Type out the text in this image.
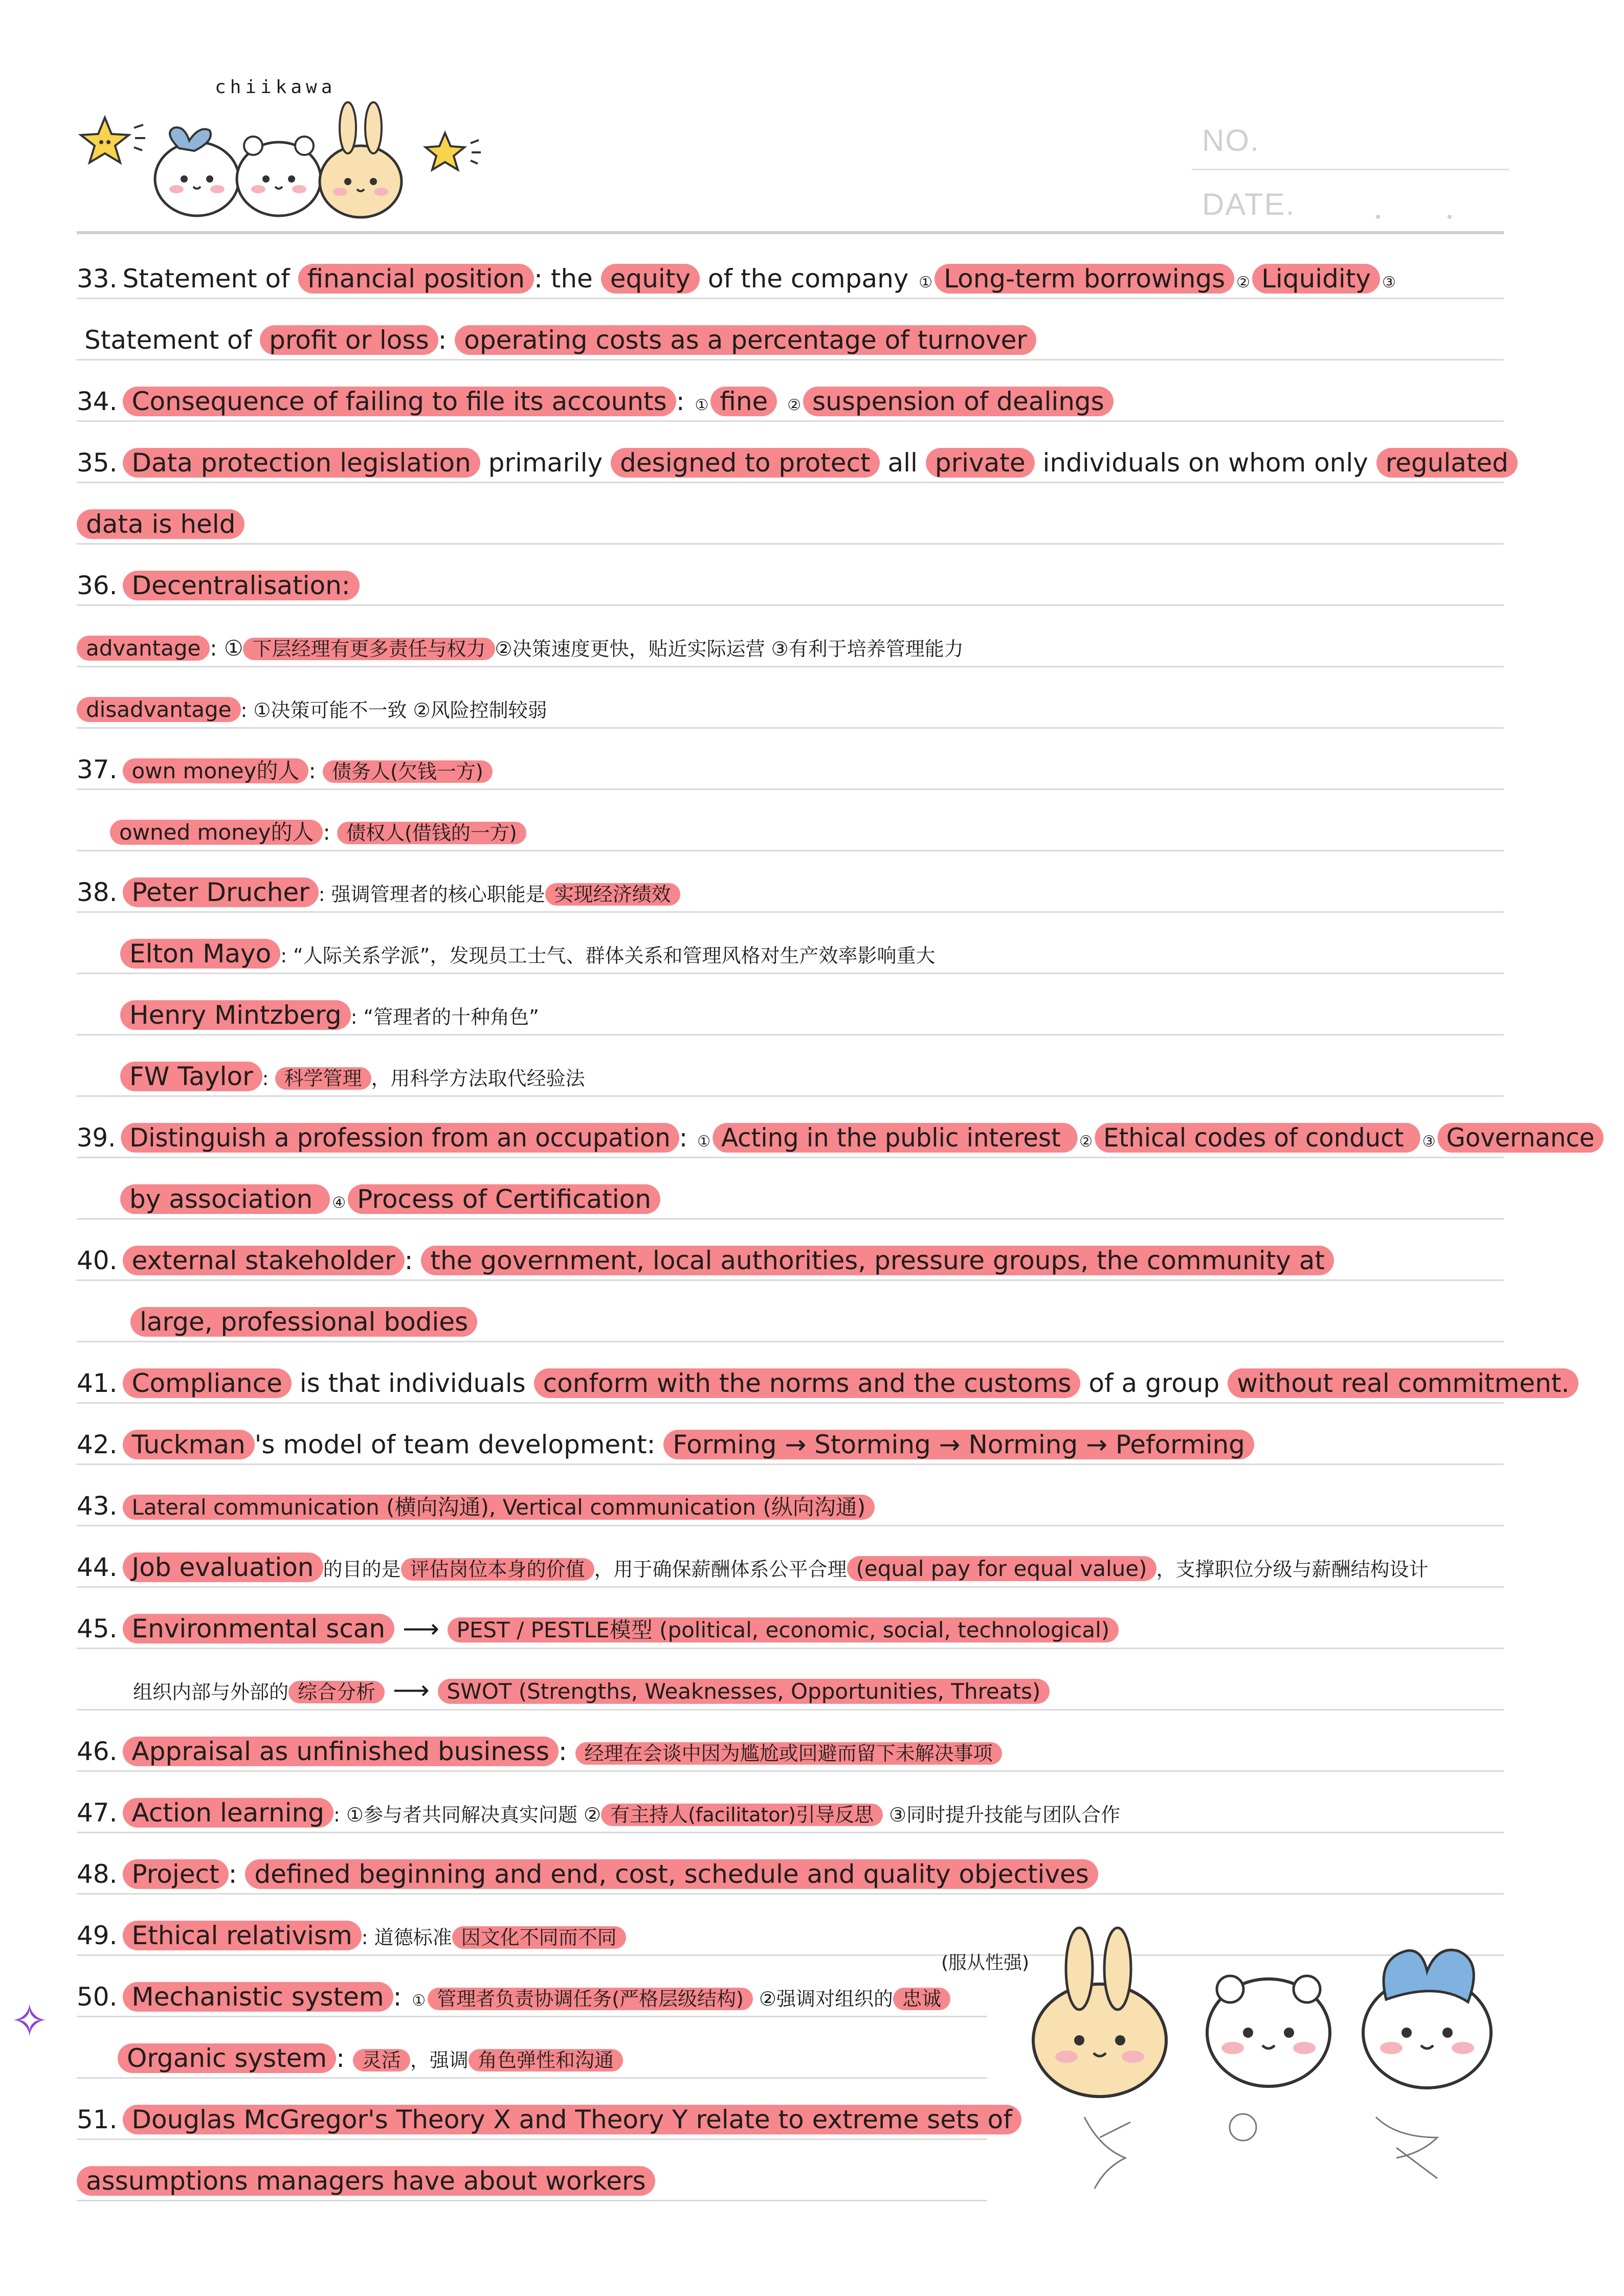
chiikawa
NO.
DATE.
33. Statement of financial position : the equity of the company ① Long-term borrowings ② Liquidity ③
Statement of profit or loss : operating costs as a percentage of turnover
34. Consequence of failing to file its accounts : ① fine ② suspension of dealings
35. Data protection legislation primarily designed to protect all private individuals on whom only regulated
data is held
36. Decentralisation:
advantage : ① 下层经理有更多责任与权力 ②决策速度更快，贴近实际运营 ③有利于培养管理能力
disadvantage : ①决策可能不一致 ②风险控制较弱
37. own money的人 : 债务人(欠钱一方)
owned money的人 : 债权人(借钱的一方)
38. Peter Drucher : 强调管理者的核心职能是 实现经济绩效
Elton Mayo : “人际关系学派”，发现员工士气、群体关系和管理风格对生产效率影响重大
Henry Mintzberg : “管理者的十种角色”
FW Taylor : 科学管理 ，用科学方法取代经验法
39. Distinguish a profession from an occupation : ① Acting in the public interest ② Ethical codes of conduct ③ Governance
by association ④ Process of Certification
40. external stakeholder : the government, local authorities, pressure groups, the community at
large, professional bodies
41. Compliance is that individuals conform with the norms and the customs of a group without real commitment.
42. Tuckman 's model of team development: Forming → Storming → Norming → Peforming
43. Lateral communication (横向沟通), Vertical communication (纵向沟通)
44. Job evaluation 的目的是 评估岗位本身的价值 ，用于确保薪酬体系公平合理 (equal pay for equal value) ，支撑职位分级与薪酬结构设计
45. Environmental scan ⟶ PEST / PESTLE模型 (political, economic, social, technological)
组织内部与外部的 综合分析 ⟶ SWOT (Strengths, Weaknesses, Opportunities, Threats)
46. Appraisal as unfinished business : 经理在会谈中因为尴尬或回避而留下未解决事项
47. Action learning : ①参与者共同解决真实问题 ② 有主持人(facilitator)引导反思 ③同时提升技能与团队合作
48. Project : defined beginning and end, cost, schedule and quality objectives
49. Ethical relativism : 道德标准 因文化不同而不同
50. Mechanistic system : ① 管理者负责协调任务(严格层级结构) ②强调对组织的 忠诚
Organic system : 灵活 ，强调 角色弹性和沟通
51. Douglas McGregor's Theory X and Theory Y relate to extreme sets of
assumptions managers have about workers
(服从性强)
✧
